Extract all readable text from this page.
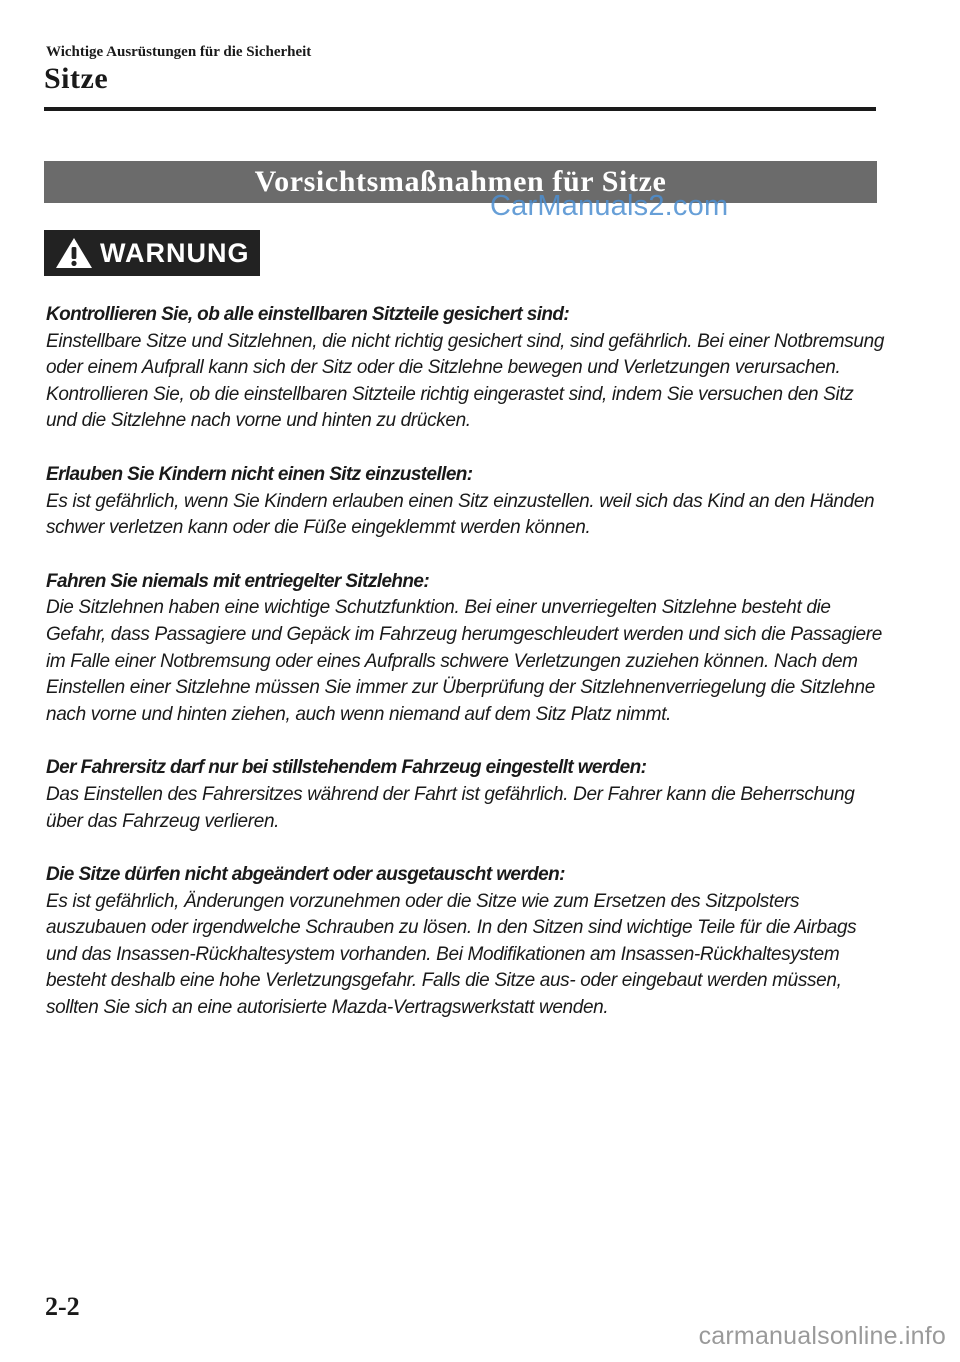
Wichtige Ausrüstungen für die Sicherheit
Sitze
Vorsichtsmaßnahmen für Sitze
CarManuals2.com
WARNUNG
Kontrollieren Sie, ob alle einstellbaren Sitzteile gesichert sind:
Einstellbare Sitze und Sitzlehnen, die nicht richtig gesichert sind, sind gefährlich. Bei einer Notbremsung oder einem Aufprall kann sich der Sitz oder die Sitzlehne bewegen und Verletzungen verursachen. Kontrollieren Sie, ob die einstellbaren Sitzteile richtig eingerastet sind, indem Sie versuchen den Sitz und die Sitzlehne nach vorne und hinten zu drücken.
Erlauben Sie Kindern nicht einen Sitz einzustellen:
Es ist gefährlich, wenn Sie Kindern erlauben einen Sitz einzustellen. weil sich das Kind an den Händen schwer verletzen kann oder die Füße eingeklemmt werden können.
Fahren Sie niemals mit entriegelter Sitzlehne:
Die Sitzlehnen haben eine wichtige Schutzfunktion. Bei einer unverriegelten Sitzlehne besteht die Gefahr, dass Passagiere und Gepäck im Fahrzeug herumgeschleudert werden und sich die Passagiere im Falle einer Notbremsung oder eines Aufpralls schwere Verletzungen zuziehen können. Nach dem Einstellen einer Sitzlehne müssen Sie immer zur Überprüfung der Sitzlehnenverriegelung die Sitzlehne nach vorne und hinten ziehen, auch wenn niemand auf dem Sitz Platz nimmt.
Der Fahrersitz darf nur bei stillstehendem Fahrzeug eingestellt werden:
Das Einstellen des Fahrersitzes während der Fahrt ist gefährlich. Der Fahrer kann die Beherrschung über das Fahrzeug verlieren.
Die Sitze dürfen nicht abgeändert oder ausgetauscht werden:
Es ist gefährlich, Änderungen vorzunehmen oder die Sitze wie zum Ersetzen des Sitzpolsters auszubauen oder irgendwelche Schrauben zu lösen. In den Sitzen sind wichtige Teile für die Airbags und das Insassen-Rückhaltesystem vorhanden. Bei Modifikationen am Insassen-Rückhaltesystem besteht deshalb eine hohe Verletzungsgefahr. Falls die Sitze aus- oder eingebaut werden müssen, sollten Sie sich an eine autorisierte Mazda-Vertragswerkstatt wenden.
2-2
carmanualsonline.info
